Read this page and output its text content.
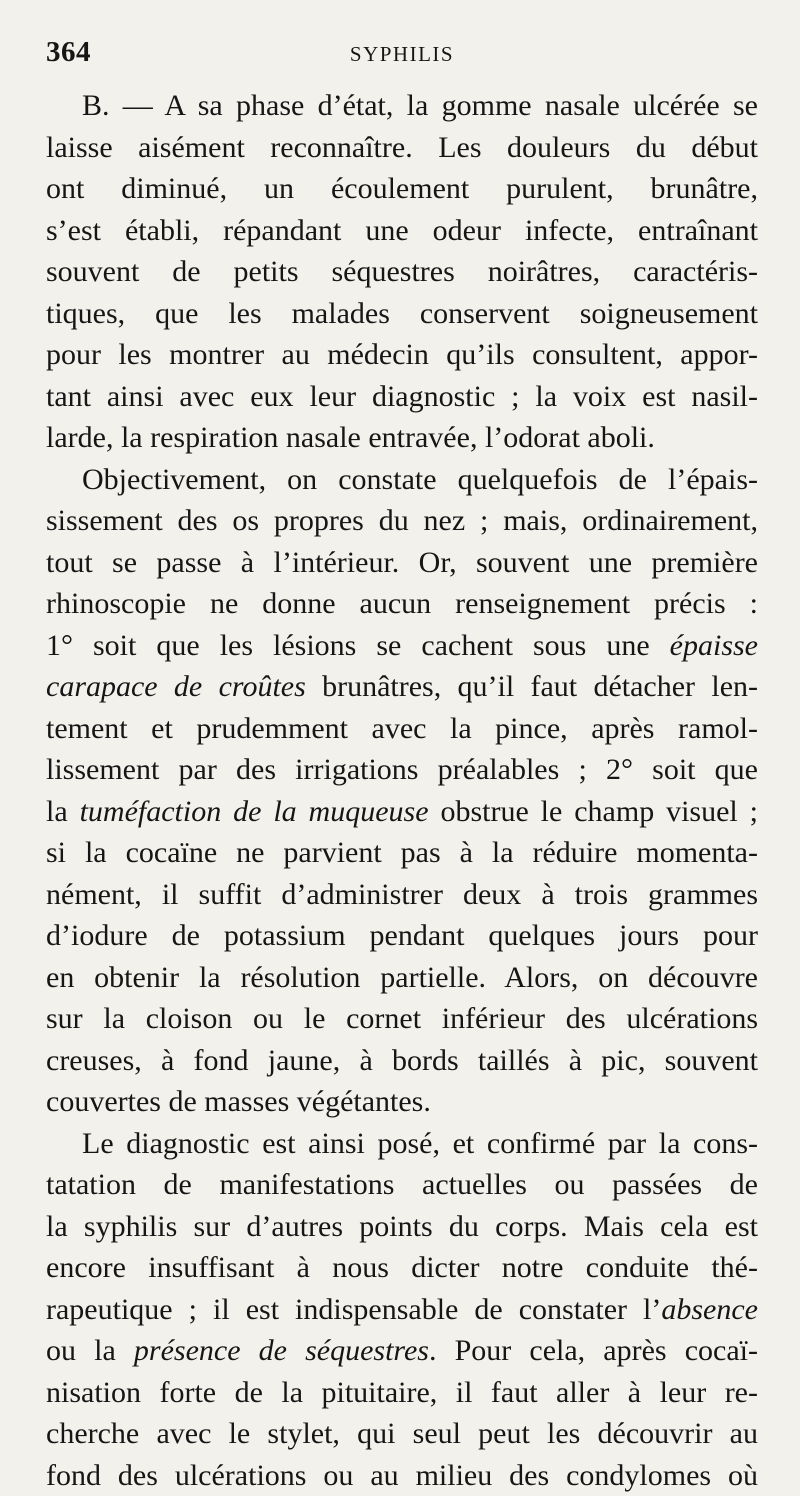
364	SYPHILIS
B. — A sa phase d’état, la gomme nasale ulcérée se
laisse aisément reconnaître. Les douleurs du début
ont diminué, un écoulement purulent, brunâtre,
s’est établi, répandant une odeur infecte, entraînant
souvent de petits séquestres noirâtres, caractéris-
tiques, que les malades conservent soigneusement
pour les montrer au médecin qu’ils consultent, appor-
tant ainsi avec eux leur diagnostic ; la voix est nasil-
larde, la respiration nasale entravée, l’odorat aboli.
Objectivement, on constate quelquefois de l’épais-
sissement des os propres du nez ; mais, ordinairement,
tout se passe à l’intérieur. Or, souvent une première
rhinoscopie ne donne aucun renseignement précis :
1° soit que les lésions se cachent sous une épaisse
carapace de croûtes brunâtres, qu’il faut détacher len-
tement et prudemment avec la pince, après ramol-
lissement par des irrigations préalables ; 2° soit que
la tuméfaction de la muqueuse obstrue le champ visuel ;
si la cocaïne ne parvient pas à la réduire momenta-
nément, il suffit d’administrer deux à trois grammes
d’iodure de potassium pendant quelques jours pour
en obtenir la résolution partielle. Alors, on découvre
sur la cloison ou le cornet inférieur des ulcérations
creuses, à fond jaune, à bords taillés à pic, souvent
couvertes de masses végétantes.
Le diagnostic est ainsi posé, et confirmé par la cons-
tatation de manifestations actuelles ou passées de
la syphilis sur d’autres points du corps. Mais cela est
encore insuffisant à nous dicter notre conduite thé-
rapeutique ; il est indispensable de constater l’absence
ou la présence de séquestres. Pour cela, après cocaï-
nisation forte de la pituitaire, il faut aller à leur re-
cherche avec le stylet, qui seul peut les découvrir au
fond des ulcérations ou au milieu des condylomes où
